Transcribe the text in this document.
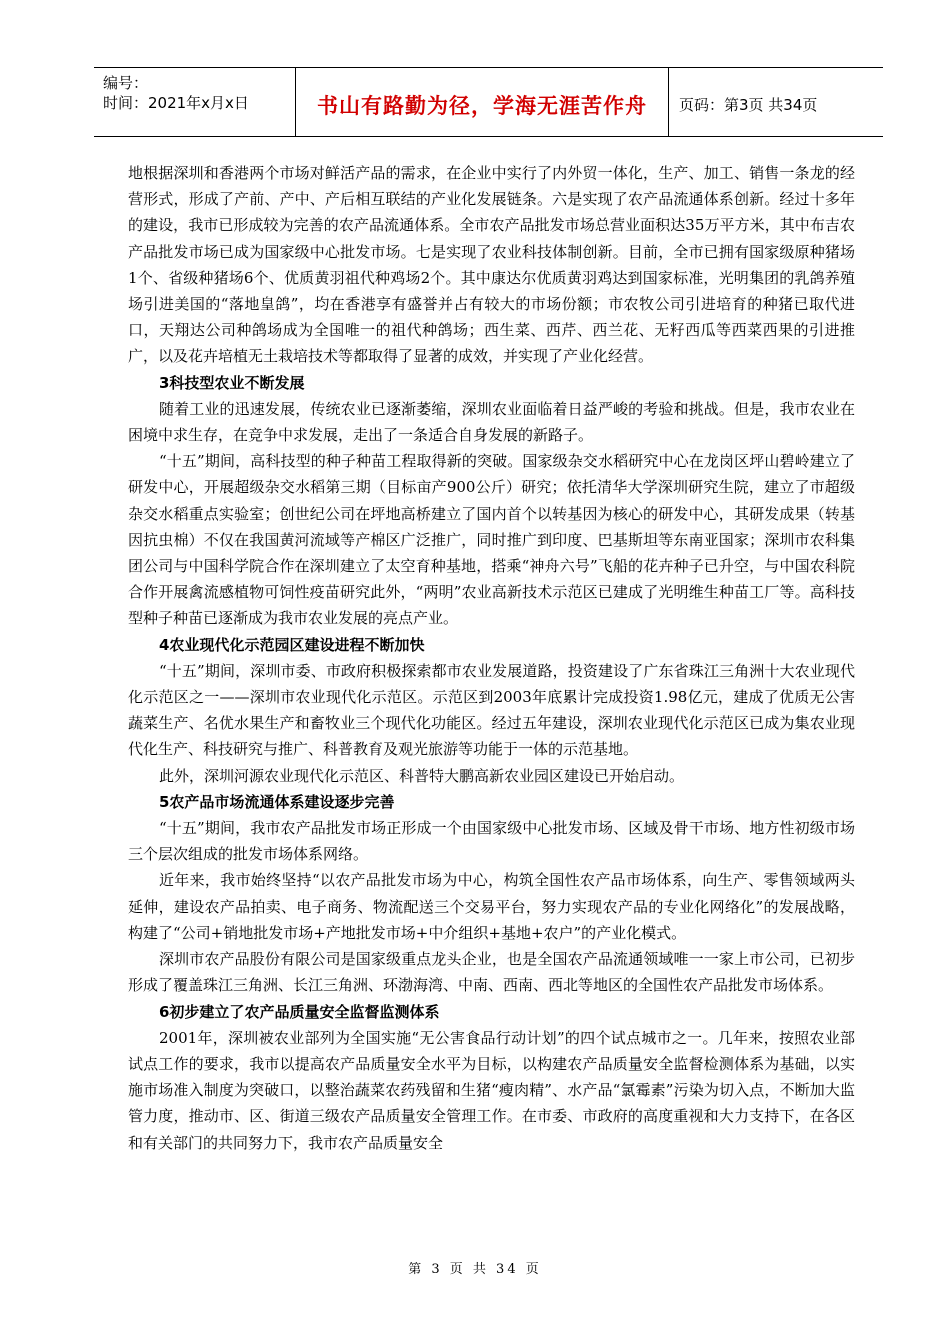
编号：
时间：2021年x月x日	书山有路勤为径，学海无涯苦作舟	页码：第3页 共34页

地根据深圳和香港两个市场对鲜活产品的需求，在企业中实行了内外贸一体化，生产、加工、销售一条龙的经营形式，形成了产前、产中、产后相互联结的产业化发展链条。六是实现了农产品流通体系创新。经过十多年的建设，我市已形成较为完善的农产品流通体系。全市农产品批发市场总营业面积达35万平方米，其中布吉农产品批发市场已成为国家级中心批发市场。七是实现了农业科技体制创新。目前，全市已拥有国家级原种猪场1个、省级种猪场6个、优质黄羽祖代种鸡场2个。其中康达尔优质黄羽鸡达到国家标准，光明集团的乳鸽养殖场引进美国的“落地皇鸽”，均在香港享有盛誉并占有较大的市场份额；市农牧公司引进培育的种猪已取代进口，天翔达公司种鸽场成为全国唯一的祖代种鸽场；西生菜、西芹、西兰花、无籽西瓜等西菜西果的引进推广，以及花卉培植无土栽培技术等都取得了显著的成效，并实现了产业化经营。

3科技型农业不断发展

随着工业的迅速发展，传统农业已逐渐萎缩，深圳农业面临着日益严峻的考验和挑战。但是，我市农业在困境中求生存，在竞争中求发展，走出了一条适合自身发展的新路子。

“十五”期间，高科技型的种子种苗工程取得新的突破。国家级杂交水稻研究中心在龙岗区坪山碧岭建立了研发中心，开展超级杂交水稻第三期（目标亩产900公斤）研究；依托清华大学深圳研究生院，建立了市超级杂交水稻重点实验室；创世纪公司在坪地高桥建立了国内首个以转基因为核心的研发中心，其研发成果（转基因抗虫棉）不仅在我国黄河流域等产棉区广泛推广，同时推广到印度、巴基斯坦等东南亚国家；深圳市农科集团公司与中国科学院合作在深圳建立了太空育种基地，搭乘“神舟六号”飞船的花卉种子已升空，与中国农科院合作开展禽流感植物可饲性疫苗研究此外，“两明”农业高新技术示范区已建成了光明维生种苗工厂等。高科技型种子种苗已逐渐成为我市农业发展的亮点产业。

4农业现代化示范园区建设进程不断加快

“十五”期间，深圳市委、市政府积极探索都市农业发展道路，投资建设了广东省珠江三角洲十大农业现代化示范区之一——深圳市农业现代化示范区。示范区到2003年底累计完成投资1.98亿元，建成了优质无公害蔬菜生产、名优水果生产和畜牧业三个现代化功能区。经过五年建设，深圳农业现代化示范区已成为集农业现代化生产、科技研究与推广、科普教育及观光旅游等功能于一体的示范基地。

此外，深圳河源农业现代化示范区、科普特大鹏高新农业园区建设已开始启动。

5农产品市场流通体系建设逐步完善

“十五”期间，我市农产品批发市场正形成一个由国家级中心批发市场、区域及骨干市场、地方性初级市场三个层次组成的批发市场体系网络。

近年来，我市始终坚持“以农产品批发市场为中心，构筑全国性农产品市场体系，向生产、零售领域两头延伸，建设农产品拍卖、电子商务、物流配送三个交易平台，努力实现农产品的专业化网络化”的发展战略，构建了“公司+销地批发市场+产地批发市场+中介组织+基地+农户”的产业化模式。

深圳市农产品股份有限公司是国家级重点龙头企业，也是全国农产品流通领域唯一一家上市公司，已初步形成了覆盖珠江三角洲、长江三角洲、环渤海湾、中南、西南、西北等地区的全国性农产品批发市场体系。

6初步建立了农产品质量安全监督监测体系

2001年，深圳被农业部列为全国实施“无公害食品行动计划”的四个试点城市之一。几年来，按照农业部试点工作的要求，我市以提高农产品质量安全水平为目标，以构建农产品质量安全监督检测体系为基础，以实施市场准入制度为突破口，以整治蔬菜农药残留和生猪“瘦肉精”、水产品“氯霉素”污染为切入点，不断加大监管力度，推动市、区、街道三级农产品质量安全管理工作。在市委、市政府的高度重视和大力支持下，在各区和有关部门的共同努力下，我市农产品质量安全

第 3 页 共 34 页
